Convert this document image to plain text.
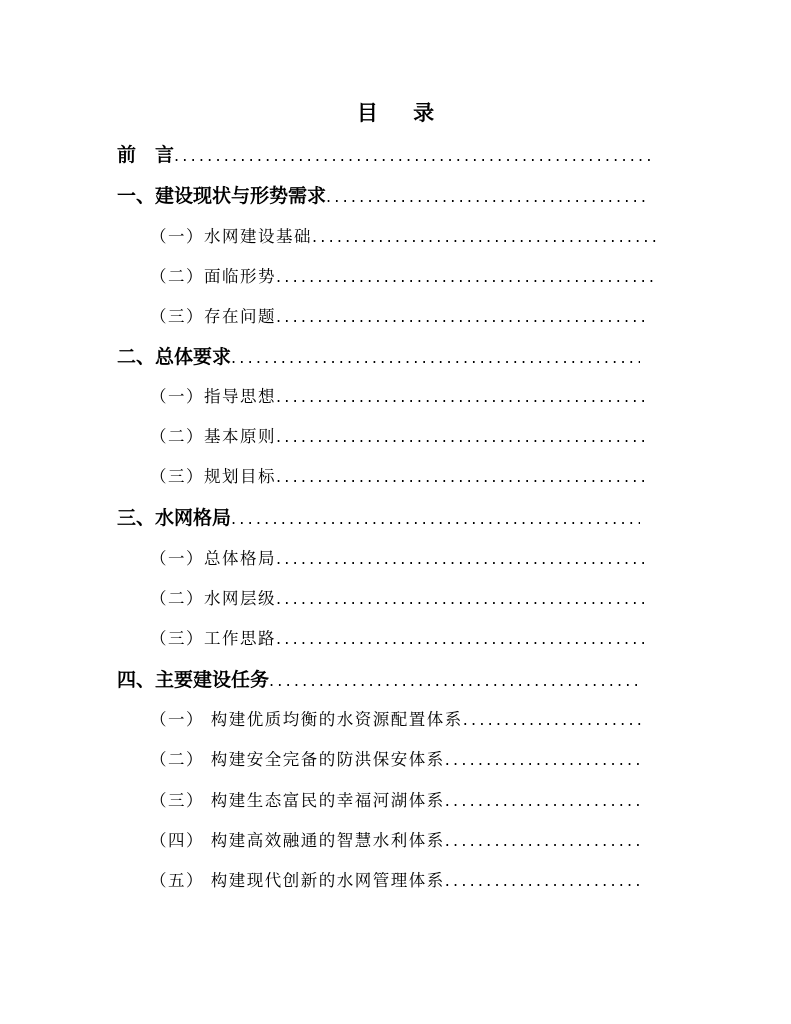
目 录
前　言
.....
一、建设现状与形势需求
.....
（一）水网建设基础
.....
（二）面临形势
.....
（三）存在问题
.....
二、总体要求
.....
（一）指导思想
.....
（二）基本原则
.....
（三）规划目标
.....
三、水网格局
.....
（一）总体格局
.....
（二）水网层级
.....
（三）工作思路
.....
四、主要建设任务
.....
（一） 构建优质均衡的水资源配置体系
.....
（二） 构建安全完备的防洪保安体系
.....
（三） 构建生态富民的幸福河湖体系
.....
（四） 构建高效融通的智慧水利体系
.....
（五） 构建现代创新的水网管理体系
.....
